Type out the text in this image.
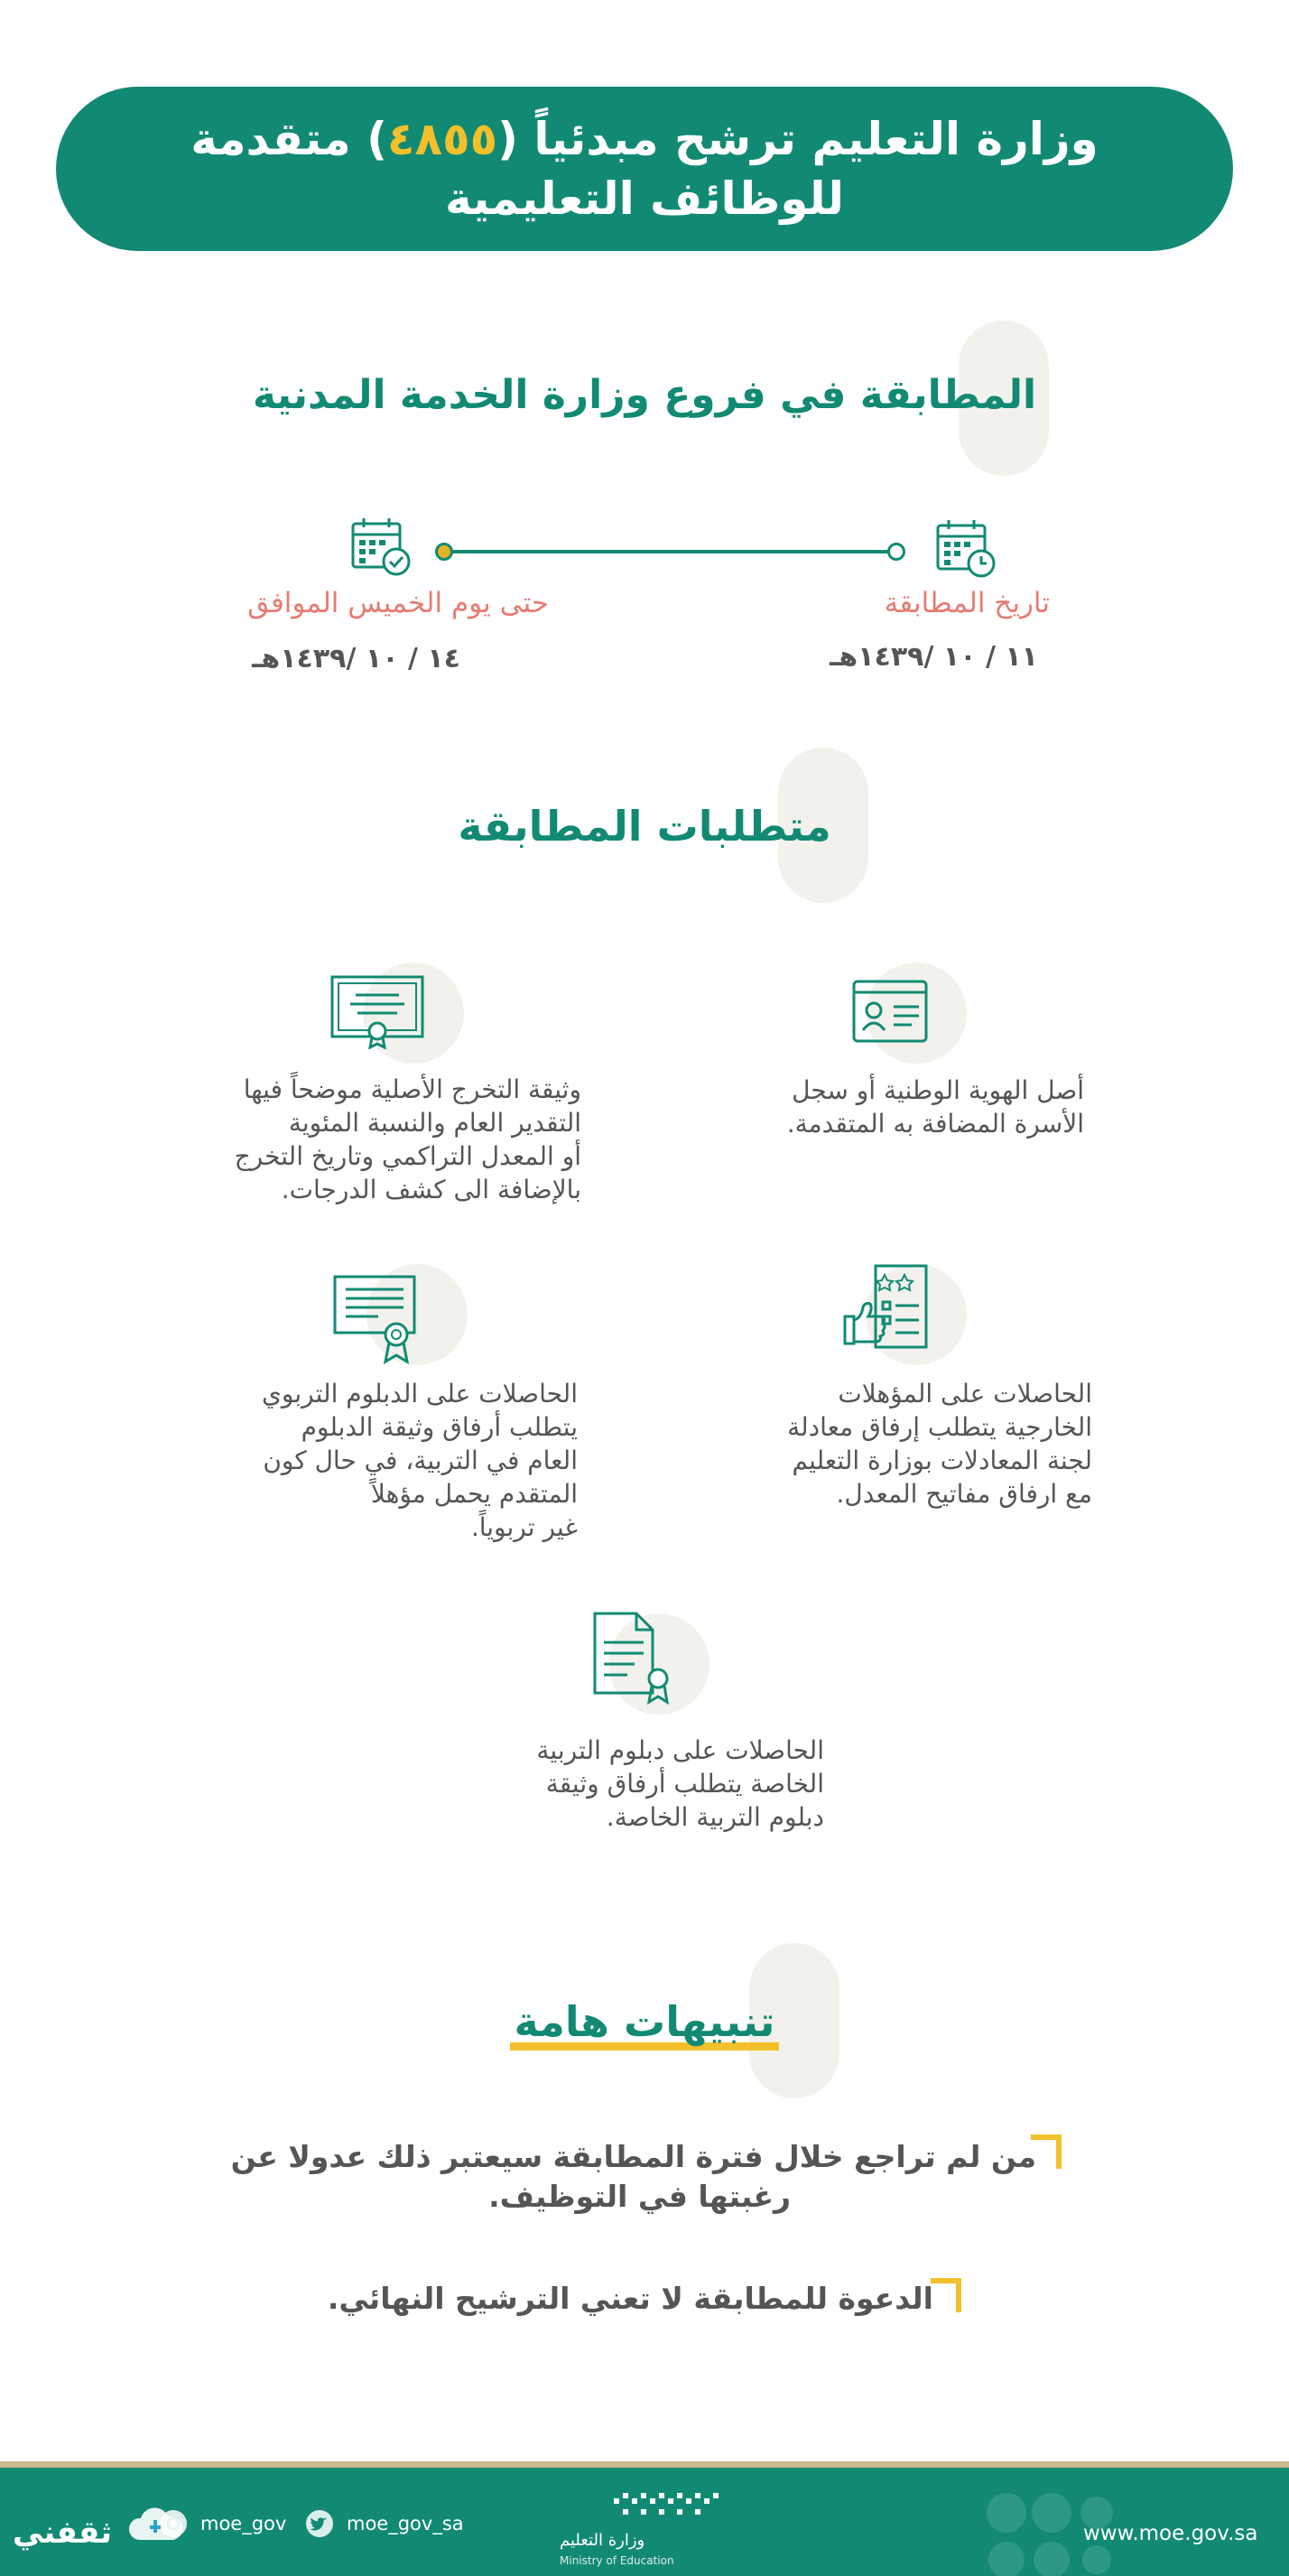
وزارة التعليم ترشح مبدئياً (٤٨٥٥) متقدمة
للوظائف التعليمية
المطابقة في فروع وزارة الخدمة المدنية
تاريخ المطابقة
حتى يوم الخميس الموافق
١١ / ١٠ /١٤٣٩هـ
١٤ / ١٠ /١٤٣٩هـ
متطلبات المطابقة

أصل الهوية الوطنية أو سجل

الأسرة المضافة به المتقدمة.

وثيقة التخرج الأصلية موضحاً فيها

التقدير العام والنسبة المئوية

أو المعدل التراكمي وتاريخ التخرج

بالإضافة الى كشف الدرجات.

الحاصلات على المؤهلات

الخارجية يتطلب إرفاق معادلة

لجنة المعادلات بوزارة التعليم

مع ارفاق مفاتيح المعدل.

الحاصلات على الدبلوم التربوي

يتطلب أرفاق وثيقة الدبلوم

العام في التربية، في حال كون

المتقدم يحمل مؤهلاً

غير تربوياً.

الحاصلات على دبلوم التربية

الخاصة يتطلب أرفاق وثيقة

دبلوم التربية الخاصة.

تنبيهات هامة

من لم تراجع خلال فترة المطابقة سيعتبر ذلك عدولا عن

رغبتها في التوظيف.

الدعوة للمطابقة لا تعني الترشيح النهائي.

www.moe.gov.sa
وزارة التعليم
Ministry of Education
moe_gov_sa
moe_gov
ثقفني
